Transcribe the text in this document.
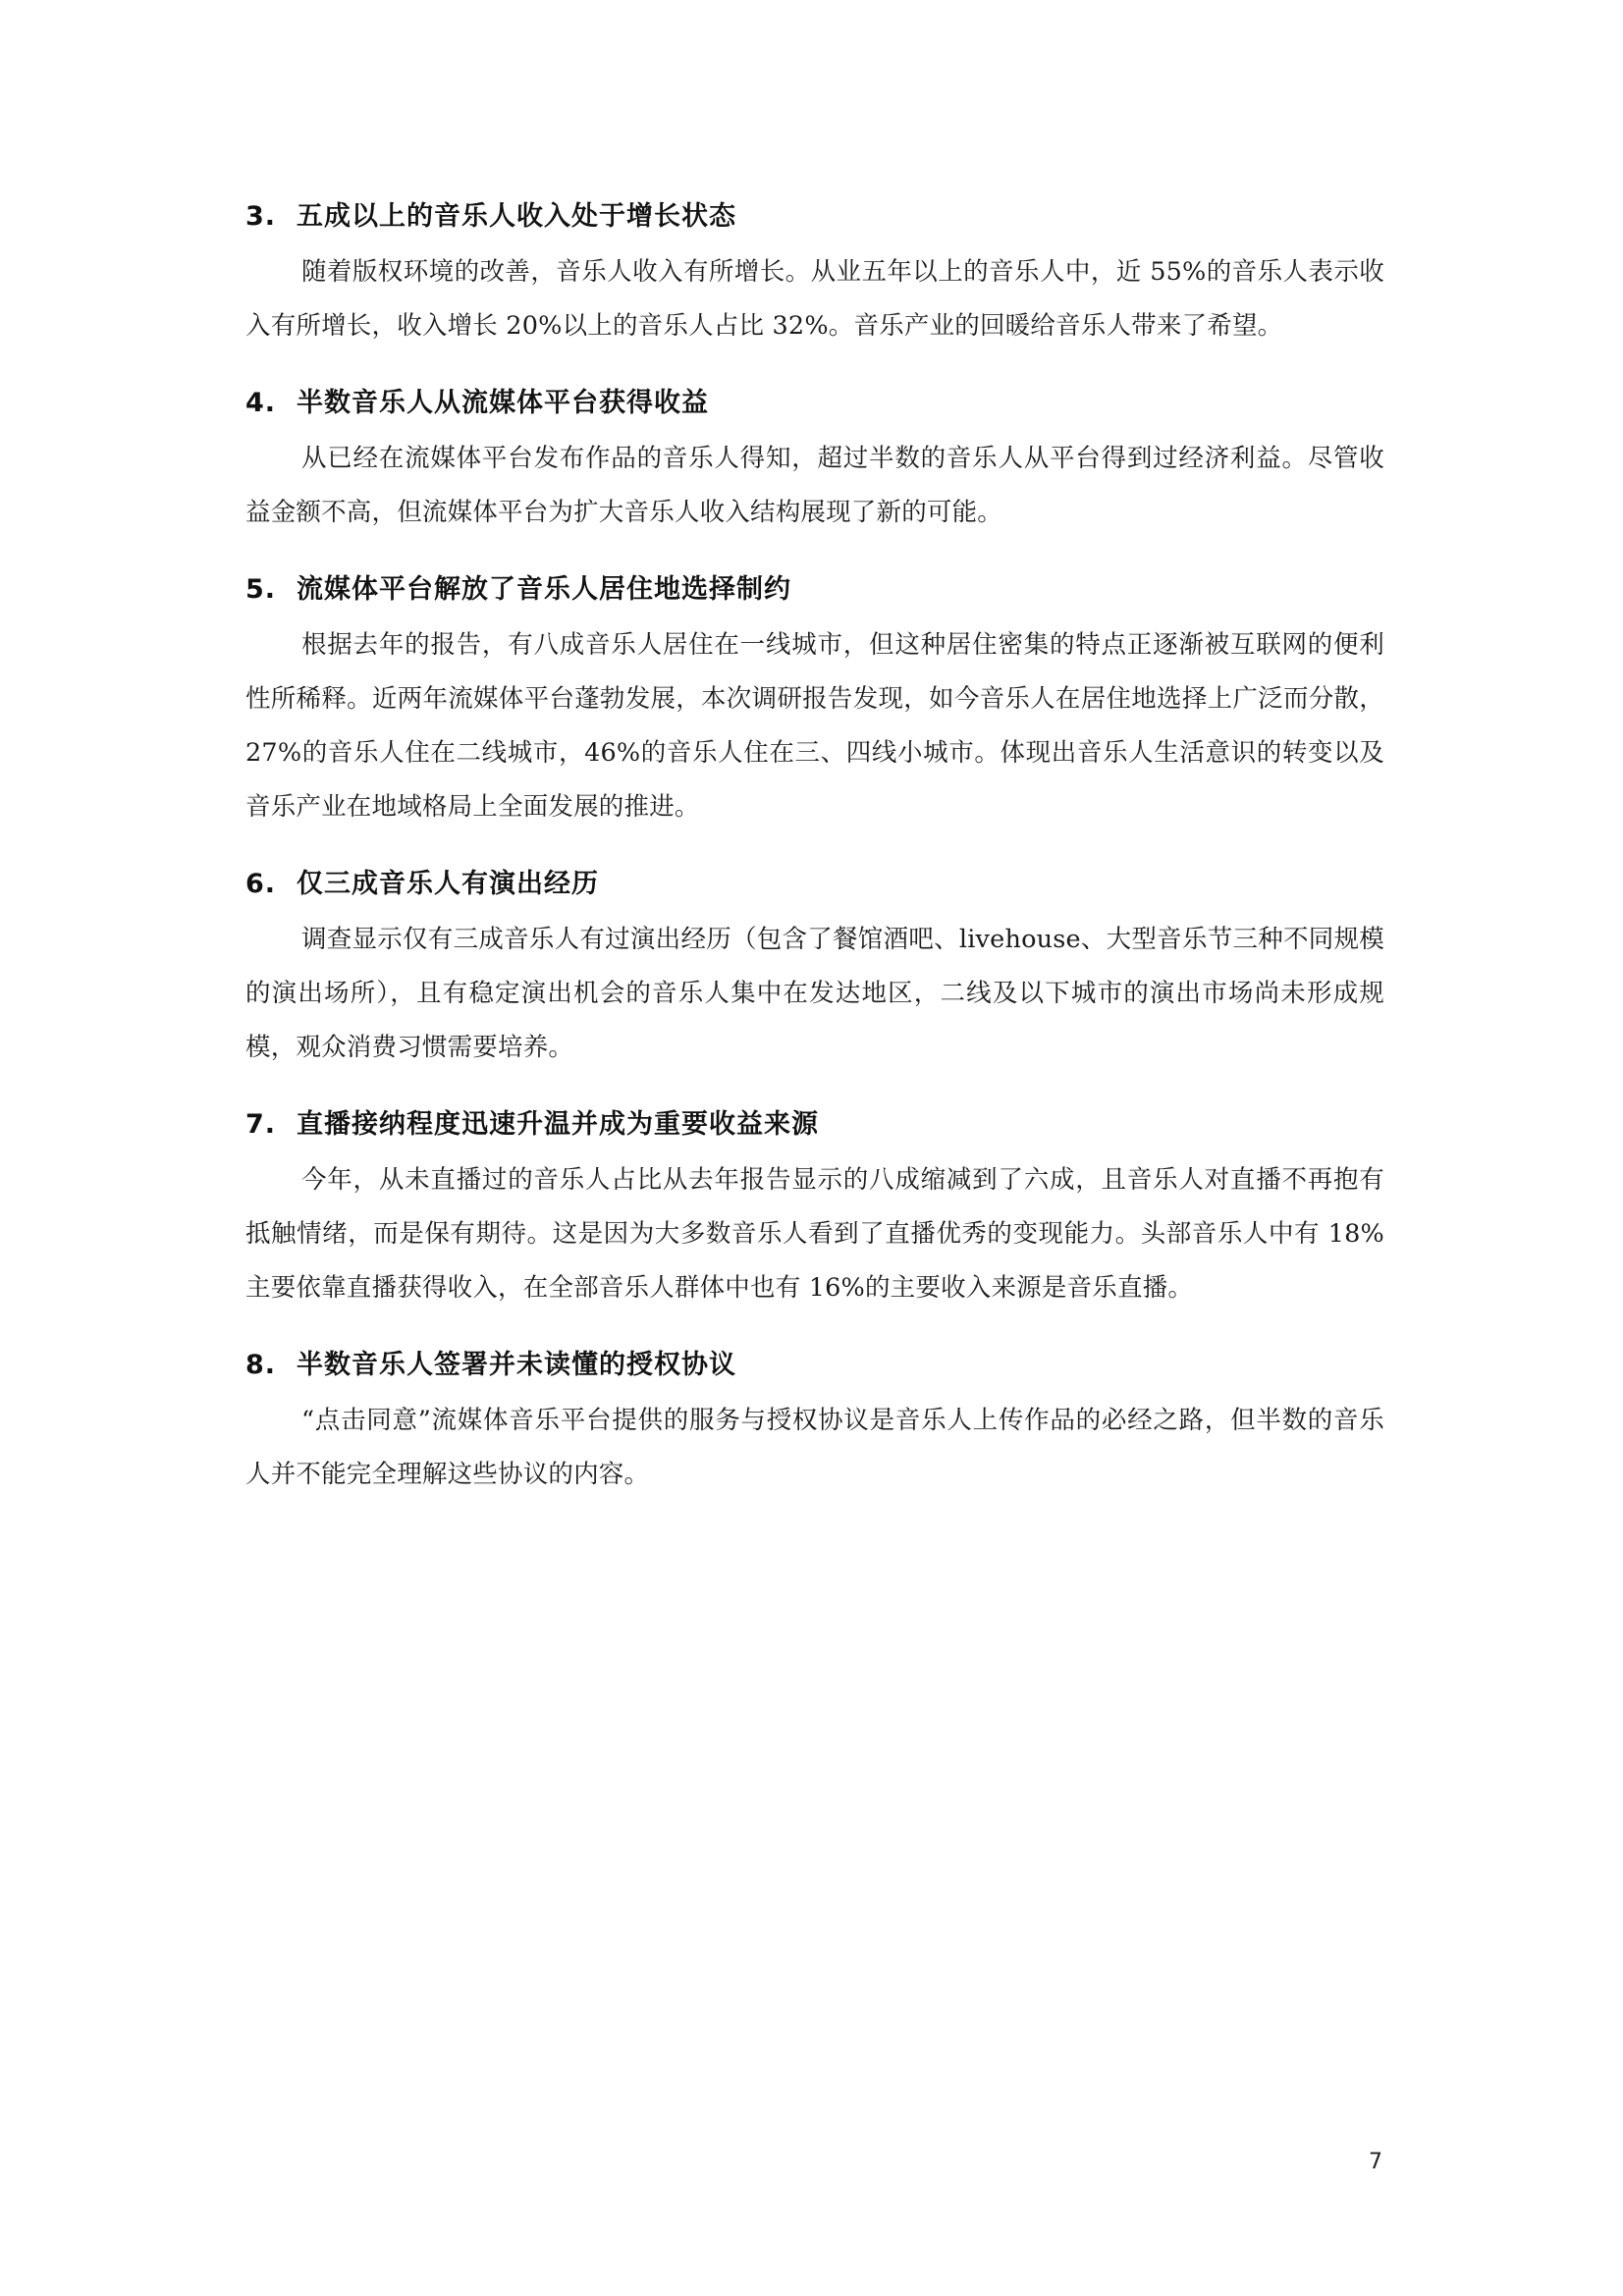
3. 五成以上的音乐人收入处于增长状态

随着版权环境的改善，音乐人收入有所增长。从业五年以上的音乐人中，近 55%的音乐人表示收入有所增长，收入增长 20%以上的音乐人占比 32%。音乐产业的回暖给音乐人带来了希望。

4. 半数音乐人从流媒体平台获得收益

从已经在流媒体平台发布作品的音乐人得知，超过半数的音乐人从平台得到过经济利益。尽管收益金额不高，但流媒体平台为扩大音乐人收入结构展现了新的可能。

5. 流媒体平台解放了音乐人居住地选择制约

根据去年的报告，有八成音乐人居住在一线城市，但这种居住密集的特点正逐渐被互联网的便利性所稀释。近两年流媒体平台蓬勃发展，本次调研报告发现，如今音乐人在居住地选择上广泛而分散，27%的音乐人住在二线城市，46%的音乐人住在三、四线小城市。体现出音乐人生活意识的转变以及音乐产业在地域格局上全面发展的推进。

6. 仅三成音乐人有演出经历

调查显示仅有三成音乐人有过演出经历（包含了餐馆酒吧、livehouse、大型音乐节三种不同规模的演出场所），且有稳定演出机会的音乐人集中在发达地区，二线及以下城市的演出市场尚未形成规模，观众消费习惯需要培养。

7. 直播接纳程度迅速升温并成为重要收益来源

今年，从未直播过的音乐人占比从去年报告显示的八成缩减到了六成，且音乐人对直播不再抱有抵触情绪，而是保有期待。这是因为大多数音乐人看到了直播优秀的变现能力。头部音乐人中有 18%主要依靠直播获得收入，在全部音乐人群体中也有 16%的主要收入来源是音乐直播。

8. 半数音乐人签署并未读懂的授权协议

“点击同意”流媒体音乐平台提供的服务与授权协议是音乐人上传作品的必经之路，但半数的音乐人并不能完全理解这些协议的内容。

7
